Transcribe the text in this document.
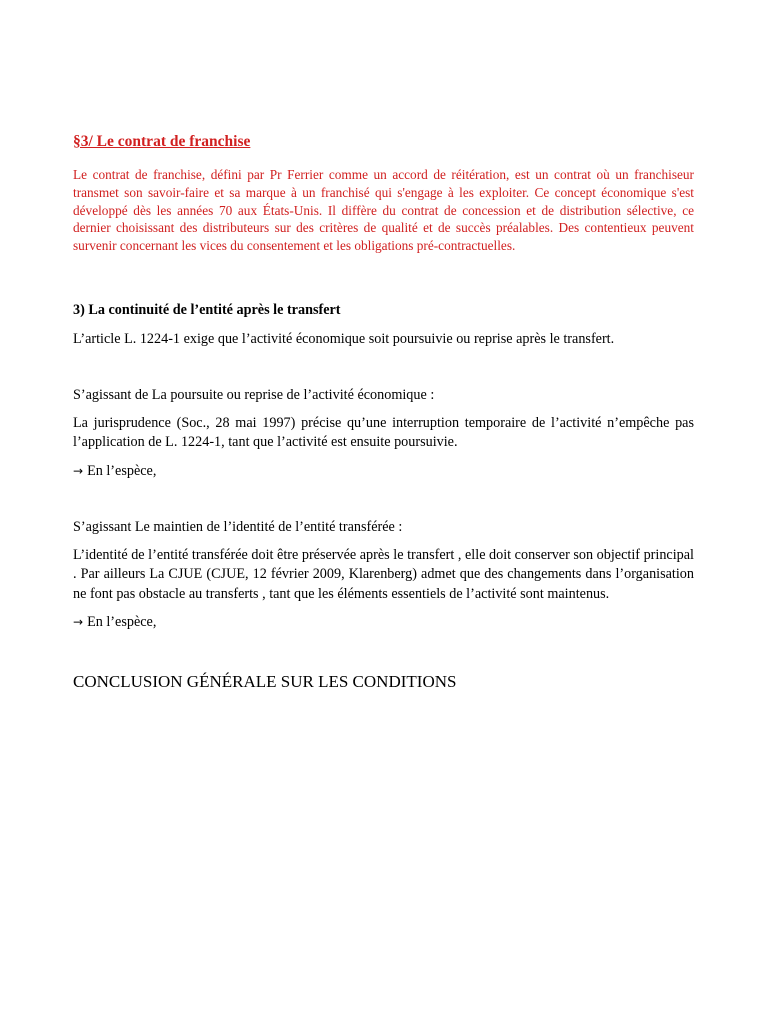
§3/ Le contrat de franchise

Le contrat de franchise, défini par Pr Ferrier comme un accord de réitération, est un contrat où un franchiseur transmet son savoir-faire et sa marque à un franchisé qui s'engage à les exploiter. Ce concept économique s'est développé dès les années 70 aux États-Unis. Il diffère du contrat de concession et de distribution sélective, ce dernier choisissant des distributeurs sur des critères de qualité et de succès préalables. Des contentieux peuvent survenir concernant les vices du consentement et les obligations pré-contractuelles.

3) La continuité de l’entité après le transfert

L’article L. 1224-1 exige que l’activité économique soit poursuivie ou reprise après le transfert.

S’agissant de La poursuite ou reprise de l’activité économique :

La jurisprudence (Soc., 28 mai 1997) précise qu’une interruption temporaire de l’activité n’empêche pas l’application de L. 1224-1, tant que l’activité est ensuite poursuivie.

→ En l’espèce,

S’agissant Le maintien de l’identité de l’entité transférée :

L’identité de l’entité transférée doit être préservée après le transfert , elle doit conserver son objectif principal . Par ailleurs La CJUE (CJUE, 12 février 2009, Klarenberg) admet que des changements dans l’organisation ne font pas obstacle au transferts , tant que les éléments essentiels de l’activité sont maintenus.

→ En l’espèce,

CONCLUSION GÉNÉRALE SUR LES CONDITIONS
